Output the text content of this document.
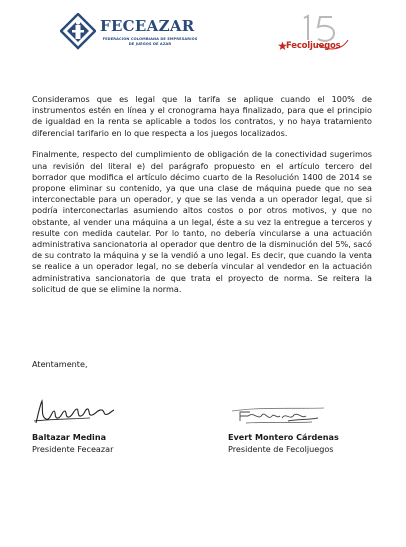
FECEAZAR
FEDERACIÓN COLOMBIANA DE EMPRESARIOS DE JUEGOS DE AZAR	Fecoljuegos

Consideramos que es legal que la tarifa se aplique cuando el 100% de instrumentos estén en línea y el cronograma haya finalizado, para que el principio de igualdad en la renta se aplicable a todos los contratos, y no haya tratamiento diferencial tarifario en lo que respecta a los juegos localizados.

Finalmente, respecto del cumplimiento de obligación de la conectividad sugerimos una revisión del literal e) del parágrafo propuesto en el artículo tercero del borrador que modifica el artículo décimo cuarto de la Resolución 1400 de 2014 se propone eliminar su contenido, ya que una clase de máquina puede que no sea interconectable para un operador, y que se las venda a un operador legal, que si podría interconectarlas asumiendo altos costos o por otros motivos, y que no obstante, al vender una máquina a un legal, éste a su vez la entregue a terceros y resulte con medida cautelar. Por lo tanto, no debería vincularse a una actuación administrativa sancionatoria al operador que dentro de la disminución del 5%, sacó de su contrato la máquina y se la vendió a uno legal. Es decir, que cuando la venta se realice a un operador legal, no se debería vincular al vendedor en la actuación administrativa sancionatoria de que trata el proyecto de norma. Se reitera la solicitud de que se elimine la norma.

Atentamente,
Baltazar Medina
Presidente Feceazar
Evert Montero Cárdenas
Presidente de Fecoljuegos
